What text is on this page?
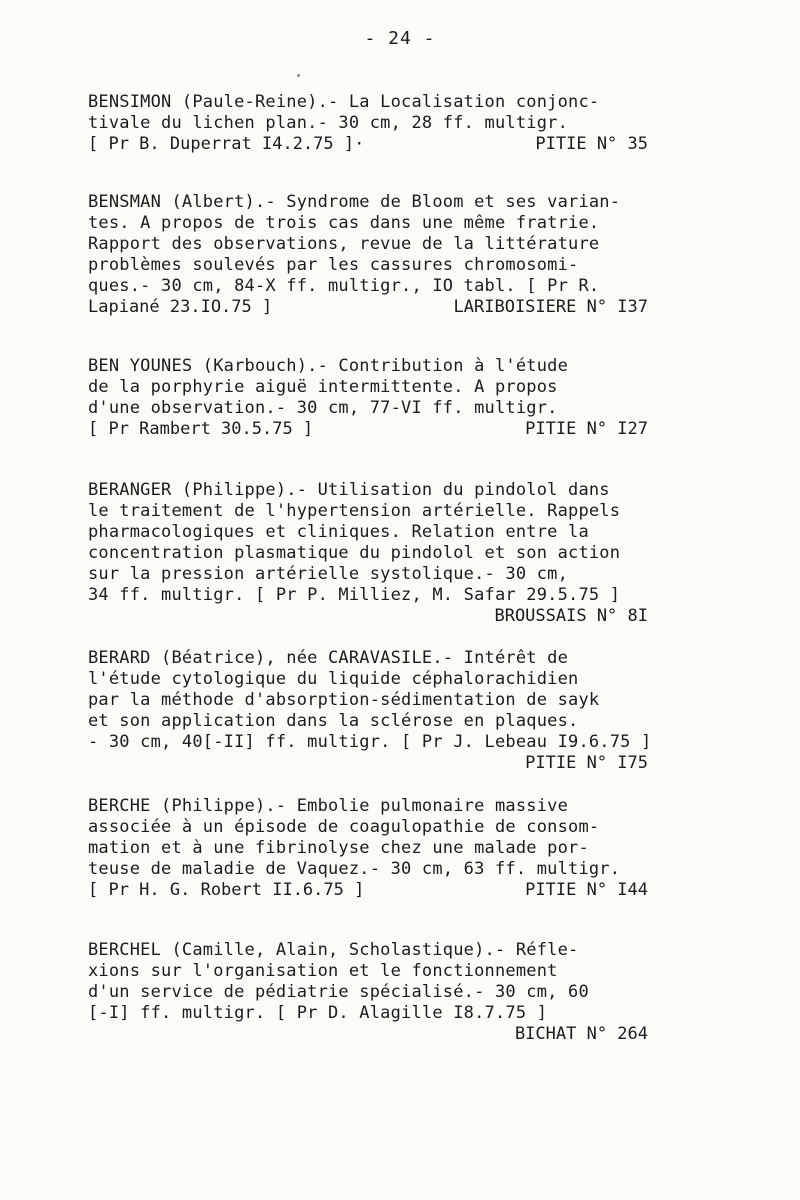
- 24 -
BENSIMON (Paule-Reine).- La Localisation conjonc-
tivale du lichen plan.- 30 cm, 28 ff. multigr.
[ Pr B. Duperrat I4.2.75 ]·	PITIE N° 35
BENSMAN (Albert).- Syndrome de Bloom et ses varian-
tes. A propos de trois cas dans une même fratrie.
Rapport des observations, revue de la littérature
problèmes soulevés par les cassures chromosomi-
ques.- 30 cm, 84-X ff. multigr., IO tabl. [ Pr R.
Lapiané 23.IO.75 ]	LARIBOISIERE N° I37
BEN YOUNES (Karbouch).- Contribution à l'étude
de la porphyrie aiguë intermittente. A propos
d'une observation.- 30 cm, 77-VI ff. multigr.
[ Pr Rambert 30.5.75 ]	PITIE N° I27
BERANGER (Philippe).- Utilisation du pindolol dans
le traitement de l'hypertension artérielle. Rappels
pharmacologiques et cliniques. Relation entre la
concentration plasmatique du pindolol et son action
sur la pression artérielle systolique.- 30 cm,
34 ff. multigr. [ Pr P. Milliez, M. Safar 29.5.75 ]
BROUSSAIS N° 8I
BERARD (Béatrice), née CARAVASILE.- Intérêt de
l'étude cytologique du liquide céphalorachidien
par la méthode d'absorption-sédimentation de sayk
et son application dans la sclérose en plaques.
- 30 cm, 40[-II] ff. multigr. [ Pr J. Lebeau I9.6.75 ]
PITIE N° I75
BERCHE (Philippe).- Embolie pulmonaire massive
associée à un épisode de coagulopathie de consom-
mation et à une fibrinolyse chez une malade por-
teuse de maladie de Vaquez.- 30 cm, 63 ff. multigr.
[ Pr H. G. Robert II.6.75 ]	PITIE N° I44
BERCHEL (Camille, Alain, Scholastique).- Réfle-
xions sur l'organisation et le fonctionnement
d'un service de pédiatrie spécialisé.- 30 cm, 60
[-I] ff. multigr. [ Pr D. Alagille I8.7.75 ]
BICHAT N° 264
